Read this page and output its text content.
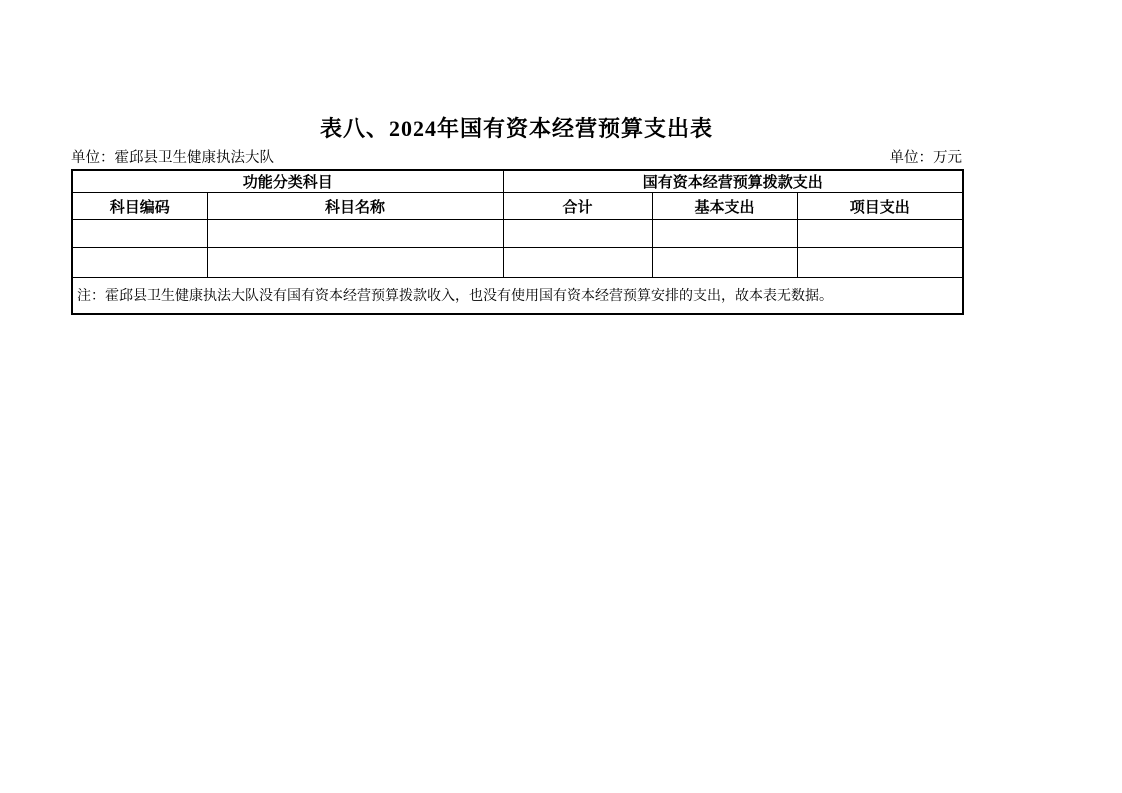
表八、2024年国有资本经营预算支出表
单位：霍邱县卫生健康执法大队	单位：万元
功能分类科目		国有资本经营预算拨款支出		
科目编码	科目名称	合计	基本支出	项目支出

注：霍邱县卫生健康执法大队没有国有资本经营预算拨款收入，也没有使用国有资本经营预算安排的支出，故本表无数据。				
